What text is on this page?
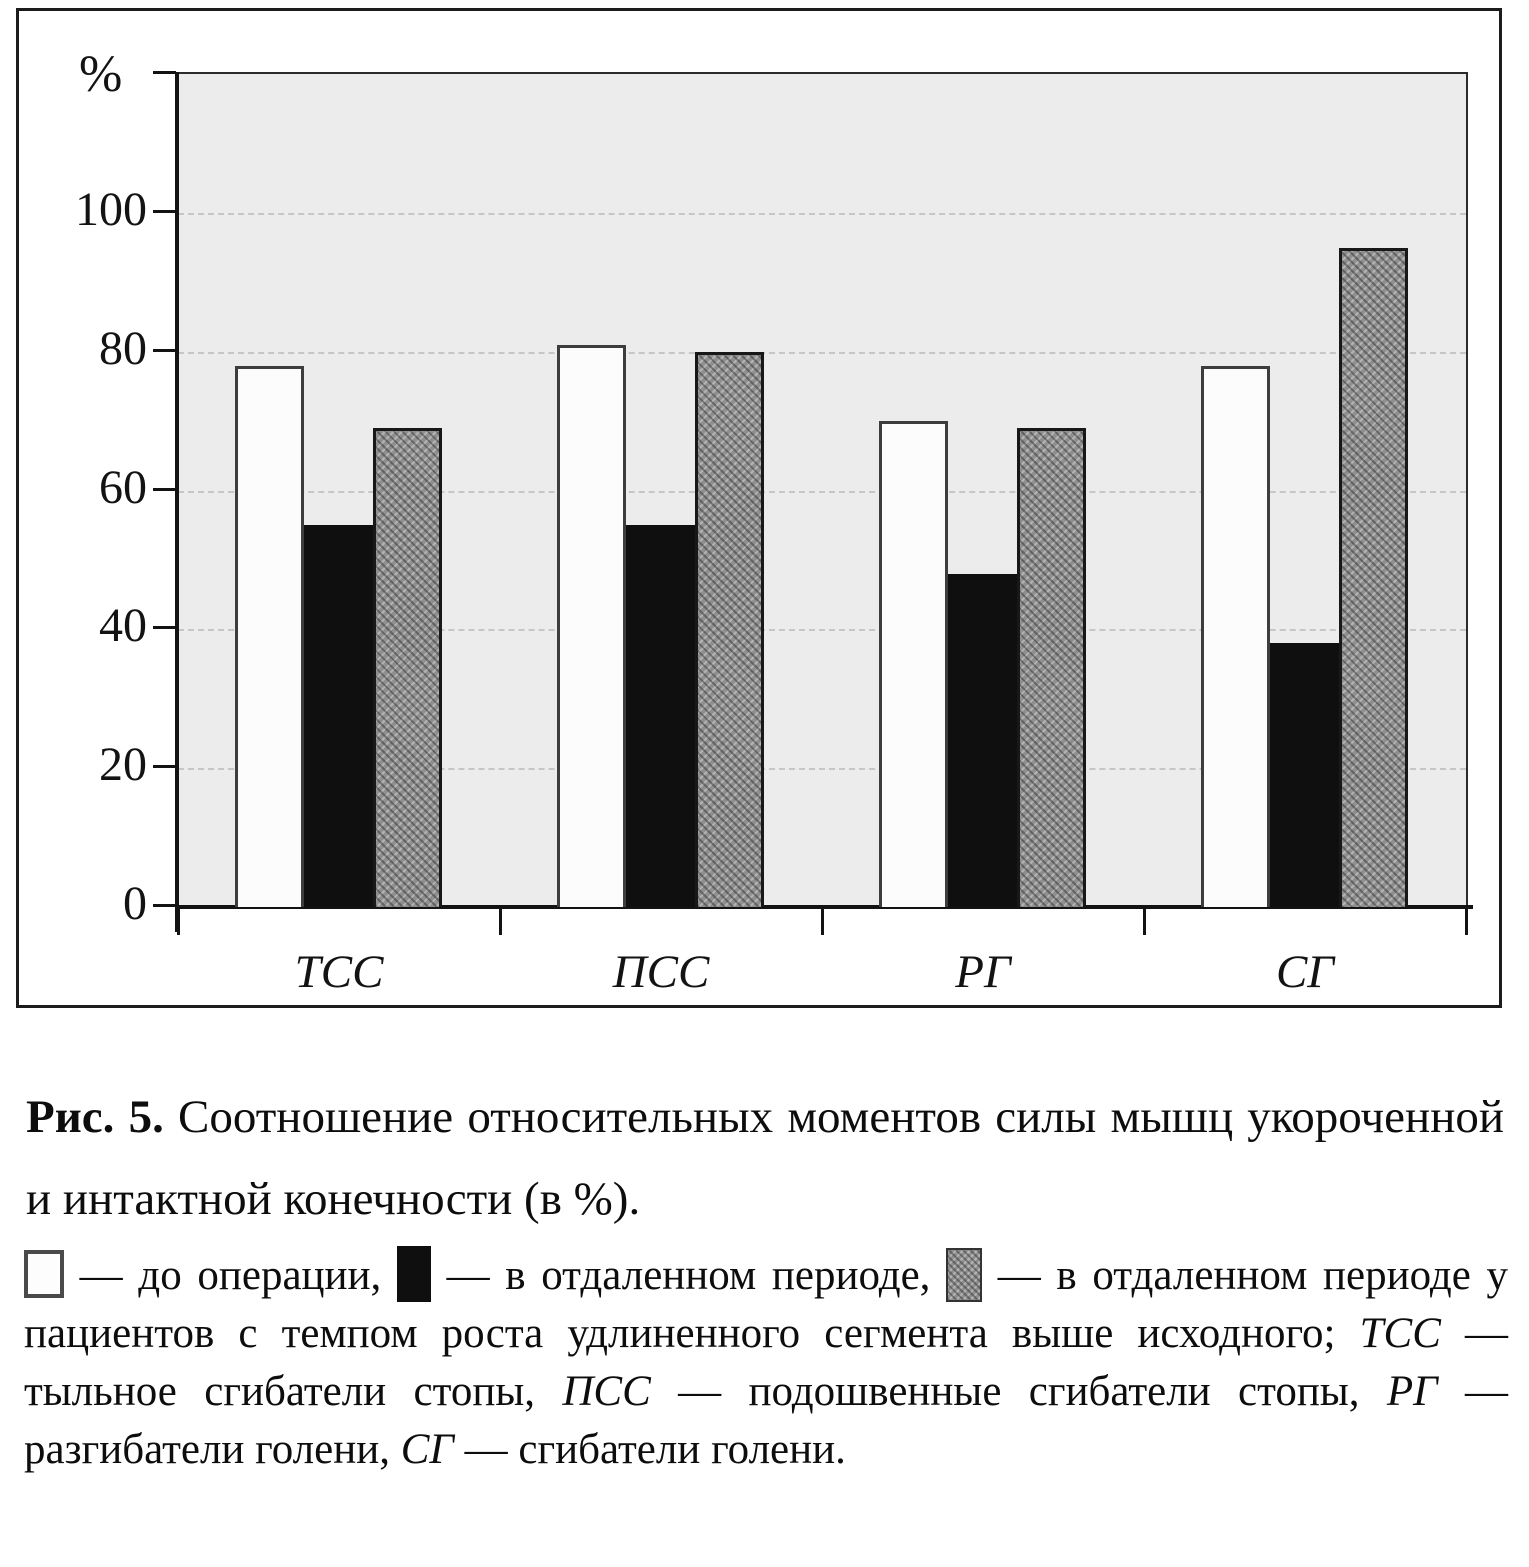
%
0
20
40
60
80
100
ТСС	ПСС	РГ	СГ

Рис. 5. Соотношение относительных моментов силы мышц укороченной и интактной конечности (в %).

— до операции,  — в отдаленном периоде,  — в отдаленном периоде у пациентов с темпом роста удлиненного сегмента выше исходного; ТСС — тыльное сгибатели стопы, ПСС — подошвенные сгибатели стопы, РГ — разгибатели голени, СГ — сгибатели голени.
